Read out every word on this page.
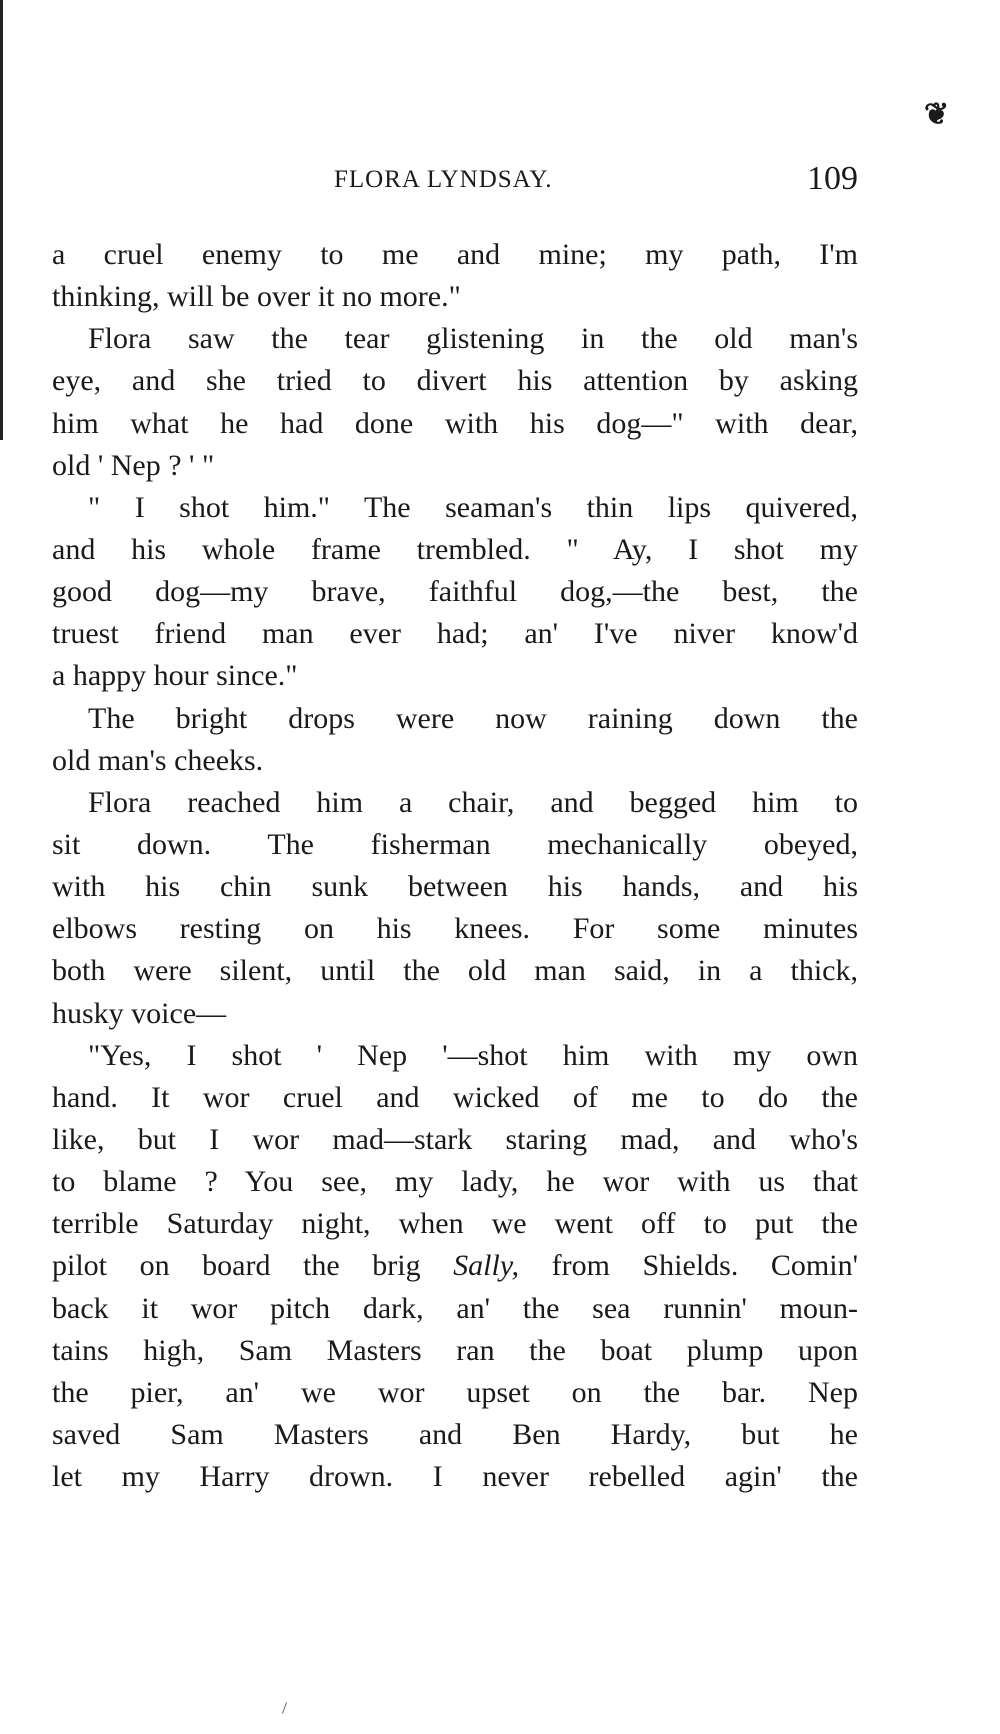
❦
FLORA LYNDSAY.	109
a cruel enemy to me and mine; my path, I'm
thinking, will be over it no more."
Flora saw the tear glistening in the old man's
eye, and she tried to divert his attention by asking
him what he had done with his dog—" with dear,
old ' Nep ? ' "
" I shot him." The seaman's thin lips quivered,
and his whole frame trembled. " Ay, I shot my
good dog—my brave, faithful dog,—the best, the
truest friend man ever had; an' I've niver know'd
a happy hour since."
The bright drops were now raining down the
old man's cheeks.
Flora reached him a chair, and begged him to
sit down. The fisherman mechanically obeyed,
with his chin sunk between his hands, and his
elbows resting on his knees. For some minutes
both were silent, until the old man said, in a thick,
husky voice—
"Yes, I shot ' Nep '—shot him with my own
hand. It wor cruel and wicked of me to do the
like, but I wor mad—stark staring mad, and who's
to blame ? You see, my lady, he wor with us that
terrible Saturday night, when we went off to put the
pilot on board the brig Sally, from Shields. Comin'
back it wor pitch dark, an' the sea runnin' moun-
tains high, Sam Masters ran the boat plump upon
the pier, an' we wor upset on the bar. Nep
saved Sam Masters and Ben Hardy, but he
let my Harry drown. I never rebelled agin' the
